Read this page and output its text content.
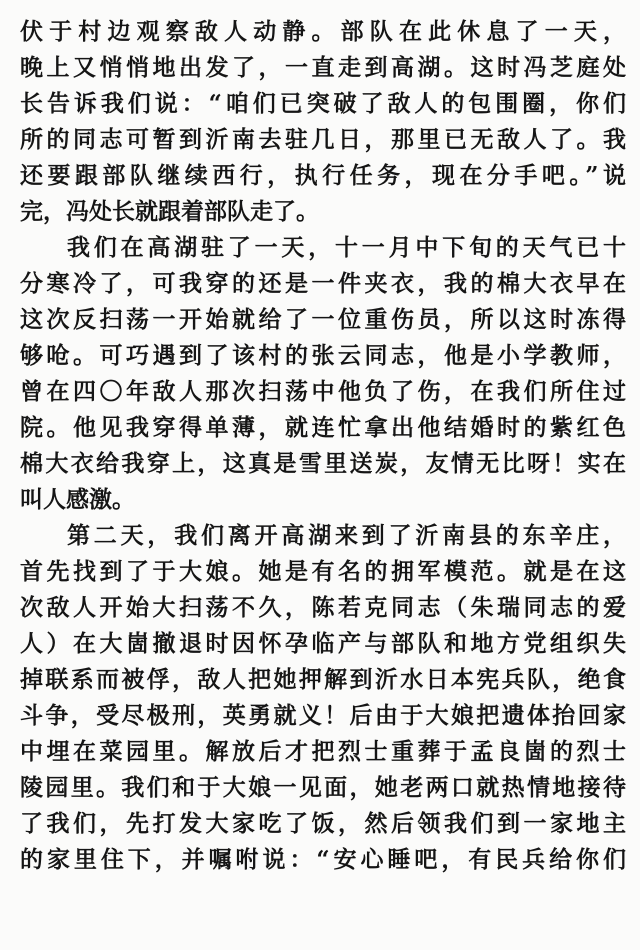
伏于村边观察敌人动静。部队在此休息了一天，
晚上又悄悄地出发了，一直走到高湖。这时冯芝庭处
长告诉我们说：“咱们已突破了敌人的包围圈，你们
所的同志可暂到沂南去驻几日，那里已无敌人了。我
还要跟部队继续西行，执行任务，现在分手吧。”说
完，冯处长就跟着部队走了。
我们在高湖驻了一天，十一月中下旬的天气已十
分寒冷了，可我穿的还是一件夹衣，我的棉大衣早在
这次反扫荡一开始就给了一位重伤员，所以这时冻得
够呛。可巧遇到了该村的张云同志，他是小学教师，
曾在四〇年敌人那次扫荡中他负了伤，在我们所住过
院。他见我穿得单薄，就连忙拿出他结婚时的紫红色
棉大衣给我穿上，这真是雪里送炭，友情无比呀！实在
叫人感激。
第二天，我们离开高湖来到了沂南县的东辛庄，
首先找到了于大娘。她是有名的拥军模范。就是在这
次敌人开始大扫荡不久，陈若克同志（朱瑞同志的爱
人）在大崮撤退时因怀孕临产与部队和地方党组织失
掉联系而被俘，敌人把她押解到沂水日本宪兵队，绝食
斗争，受尽极刑，英勇就义！后由于大娘把遗体抬回家
中埋在菜园里。解放后才把烈士重葬于孟良崮的烈士
陵园里。我们和于大娘一见面，她老两口就热情地接待
了我们，先打发大家吃了饭，然后领我们到一家地主
的家里住下，并嘱咐说：“安心睡吧，有民兵给你们
